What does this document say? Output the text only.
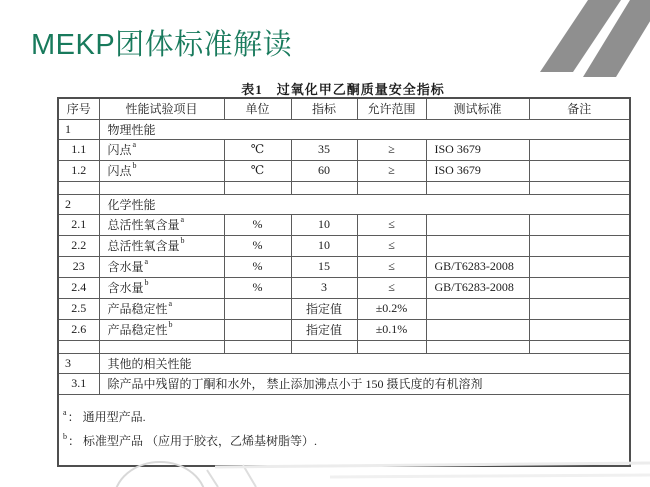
MEKP团体标准解读
表1　过氧化甲乙酮质量安全指标
序号	性能试验项目	单位	指标	允许范围	测试标准	备注
1	物理性能					
1.1	闪点$^a$	℃	35	≥	ISO 3679	
1.2	闪点$^b$	℃	60	≥	ISO 3679	

2	化学性能					
2.1	总活性氧含量$^a$	%	10	≤		
2.2	总活性氧含量$^b$	%	10	≤		
23	含水量$^a$	%	15	≤	GB/T6283-2008	
2.4	含水量$^b$	%	3	≤	GB/T6283-2008	
2.5	产品稳定性$^a$		指定值	±0.2%		
2.6	产品稳定性$^b$		指定值	±0.1%		

3	其他的相关性能					
3.1	除产品中残留的丁酮和水外， 禁止添加沸点小于 150 摄氏度的有机溶剂					

$^a$： 通用型产品.
$^b$： 标准型产品 （应用于胶衣，乙烯基树脂等）.						
